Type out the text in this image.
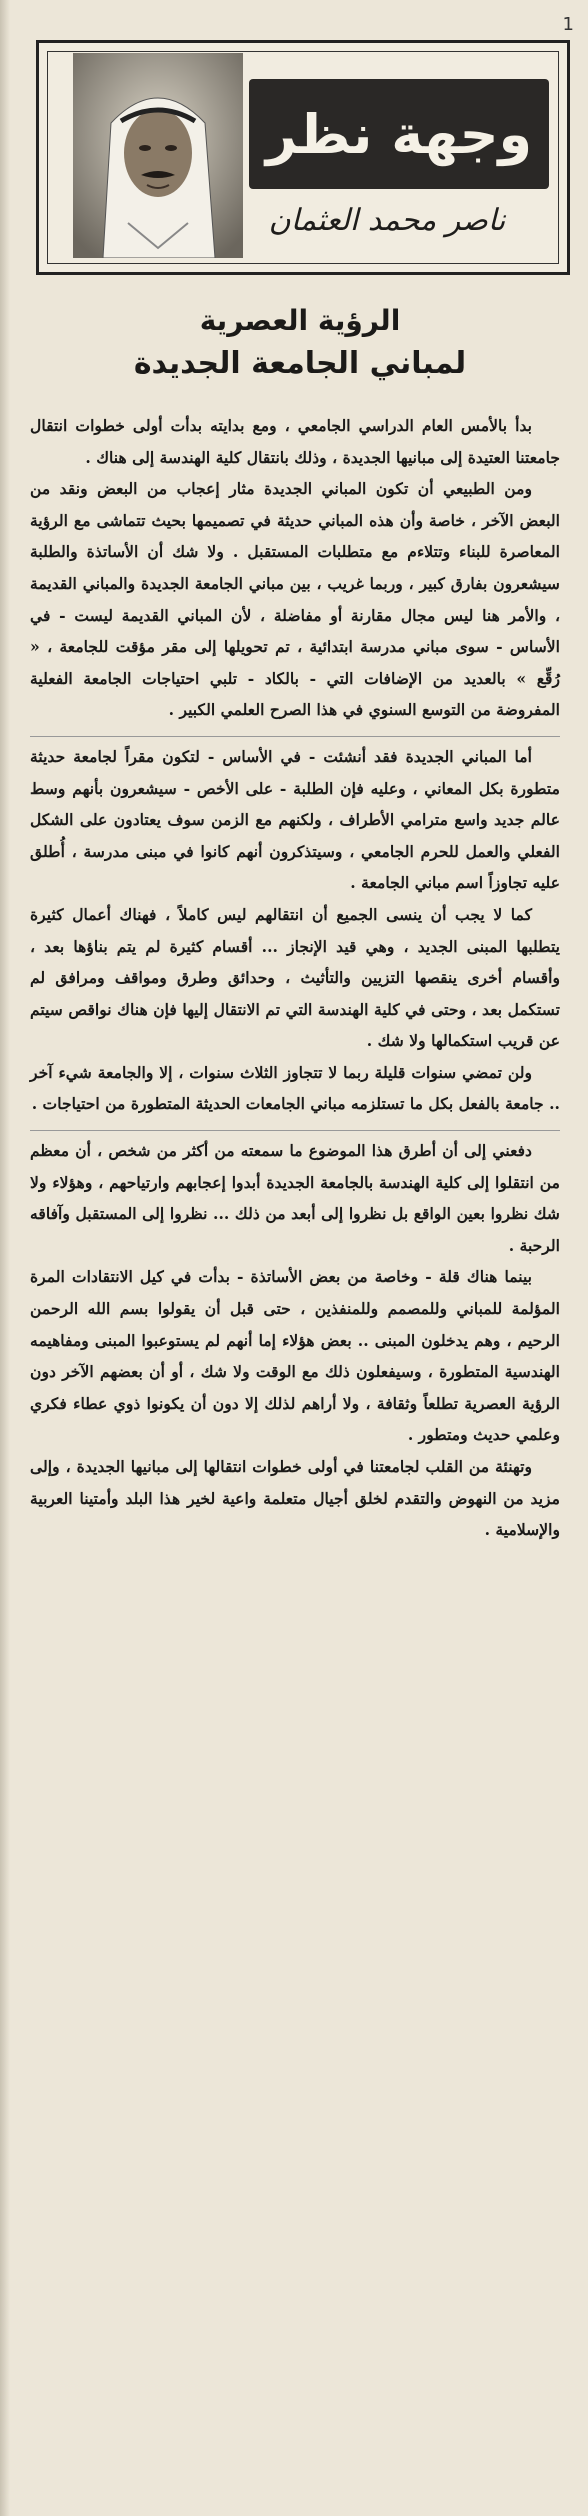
1
وجهة نظر
ناصر محمد العثمان
الرؤية العصرية
لمباني الجامعة الجديدة

بدأ بالأمس العام الدراسي الجامعي ، ومع بدايته بدأت أولى خطوات انتقال جامعتنا العتيدة إلى مبانيها الجديدة ، وذلك بانتقال كلية الهندسة إلى هناك .

ومن الطبيعي أن تكون المباني الجديدة مثار إعجاب من البعض ونقد من البعض الآخر ، خاصة وأن هذه المباني حديثة في تصميمها بحيث تتماشى مع الرؤية المعاصرة للبناء وتتلاءم مع متطلبات المستقبل . ولا شك أن الأساتذة والطلبة سيشعرون بفارق كبير ، وربما غريب ، بين مباني الجامعة الجديدة والمباني القديمة ، والأمر هنا ليس مجال مقارنة أو مفاضلة ، لأن المباني القديمة ليست - في الأساس - سوى مباني مدرسة ابتدائية ، تم تحويلها إلى مقر مؤقت للجامعة ، « رُقِّع » بالعديد من الإضافات التي - بالكاد - تلبي احتياجات الجامعة الفعلية المفروضة من التوسع السنوي في هذا الصرح العلمي الكبير .

أما المباني الجديدة فقد أنشئت - في الأساس - لتكون مقراً لجامعة حديثة متطورة بكل المعاني ، وعليه فإن الطلبة - على الأخص - سيشعرون بأنهم وسط عالم جديد واسع مترامي الأطراف ، ولكنهم مع الزمن سوف يعتادون على الشكل الفعلي والعمل للحرم الجامعي ، وسيتذكرون أنهم كانوا في مبنى مدرسة ، أُطلق عليه تجاوزاً اسم مباني الجامعة .

كما لا يجب أن ينسى الجميع أن انتقالهم ليس كاملاً ، فهناك أعمال كثيرة يتطلبها المبنى الجديد ، وهي قيد الإنجاز ... أقسام كثيرة لم يتم بناؤها بعد ، وأقسام أخرى ينقصها التزيين والتأثيث ، وحدائق وطرق ومواقف ومرافق لم تستكمل بعد ، وحتى في كلية الهندسة التي تم الانتقال إليها فإن هناك نواقص سيتم عن قريب استكمالها ولا شك .

ولن تمضي سنوات قليلة ربما لا تتجاوز الثلاث سنوات ، إلا والجامعة شيء آخر .. جامعة بالفعل بكل ما تستلزمه مباني الجامعات الحديثة المتطورة من احتياجات .

دفعني إلى أن أطرق هذا الموضوع ما سمعته من أكثر من شخص ، أن معظم من انتقلوا إلى كلية الهندسة بالجامعة الجديدة أبدوا إعجابهم وارتياحهم ، وهؤلاء ولا شك نظروا بعين الواقع بل نظروا إلى أبعد من ذلك ... نظروا إلى المستقبل وآفاقه الرحبة .

بينما هناك قلة - وخاصة من بعض الأساتذة - بدأت في كيل الانتقادات المرة المؤلمة للمباني وللمصمم وللمنفذين ، حتى قبل أن يقولوا بسم الله الرحمن الرحيم ، وهم يدخلون المبنى .. بعض هؤلاء إما أنهم لم يستوعبوا المبنى ومفاهيمه الهندسية المتطورة ، وسيفعلون ذلك مع الوقت ولا شك ، أو أن بعضهم الآخر دون الرؤية العصرية تطلعاً وثقافة ، ولا أراهم لذلك إلا دون أن يكونوا ذوي عطاء فكري وعلمي حديث ومتطور .

وتهنئة من القلب لجامعتنا في أولى خطوات انتقالها إلى مبانيها الجديدة ، وإلى مزيد من النهوض والتقدم لخلق أجيال متعلمة واعية لخير هذا البلد وأمتينا العربية والإسلامية .
